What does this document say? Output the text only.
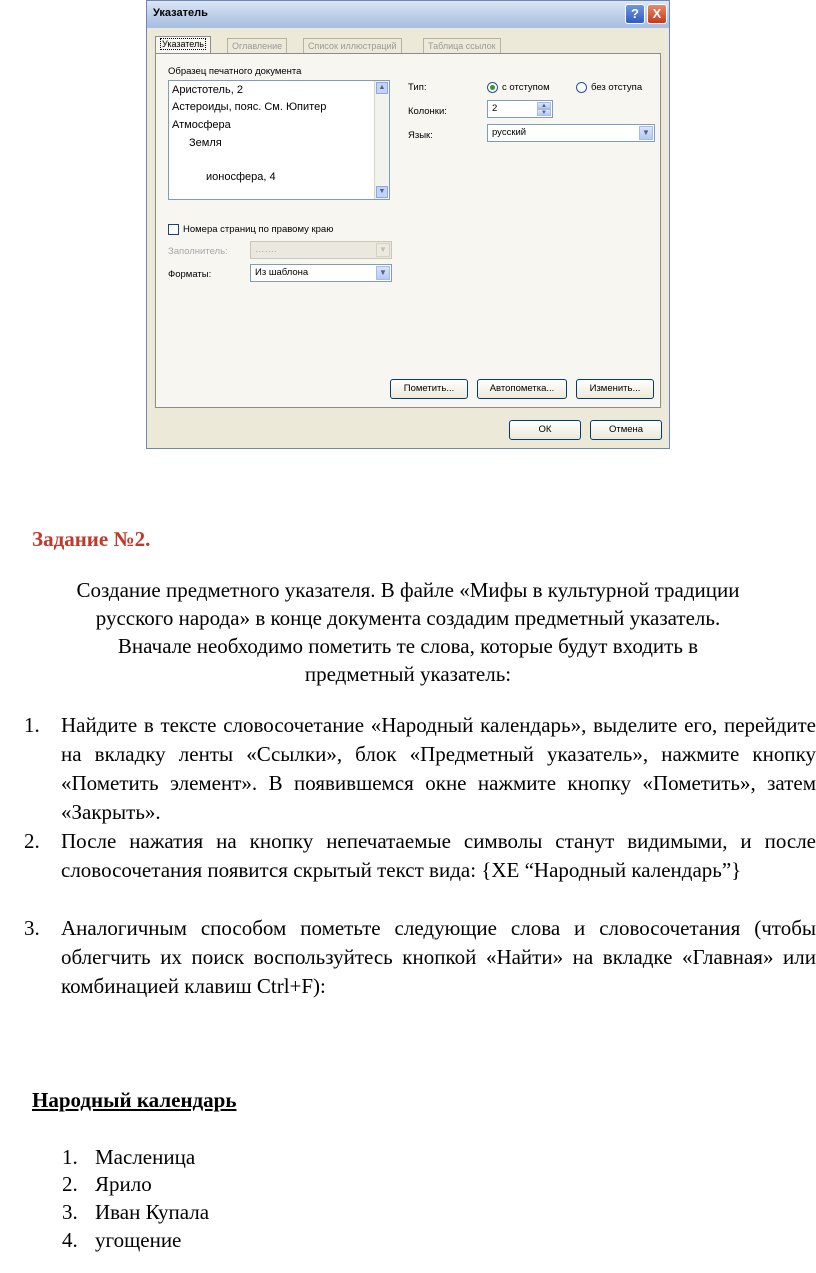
Указатель	?	X
Указатель	Оглавление	Список иллюстраций	Таблица ссылок
Образец печатного документа
Аристотель, 2
Астероиды, пояс. См. Юпитер
Атмосфера
Земля
ионосфера, 4
▲
▼
Тип:	с отступом	без отступа
Колонки:	2	▲
▼
Язык:	русский	▼
Номера страниц по правому краю
Заполнитель:	…….	▼
Форматы:	Из шаблона	▼
Пометить...	Автопометка...	Изменить...
ОК	Отмена
Задание №2.
Создание предметного указателя. В файле «Мифы в культурной традиции
русского народа» в конце документа создадим предметный указатель.
Вначале необходимо пометить те слова, которые будут входить в
предметный указатель:
1. Найдите в тексте словосочетание «Народный календарь», выделите его, перейдите на вкладку ленты «Ссылки», блок «Предметный указатель», нажмите кнопку «Пометить элемент». В появившемся окне нажмите кнопку «Пометить», затем «Закрыть».
2. После нажатия на кнопку непечатаемые символы станут видимыми, и после словосочетания появится скрытый текст вида: {XE “Народный календарь”}
3. Аналогичным способом пометьте следующие слова и словосочетания (чтобы облегчить их поиск воспользуйтесь кнопкой «Найти» на вкладке «Главная» или комбинацией клавиш Ctrl+F):
Народный календарь
1. Масленица
2. Ярило
3. Иван Купала
4. угощение
